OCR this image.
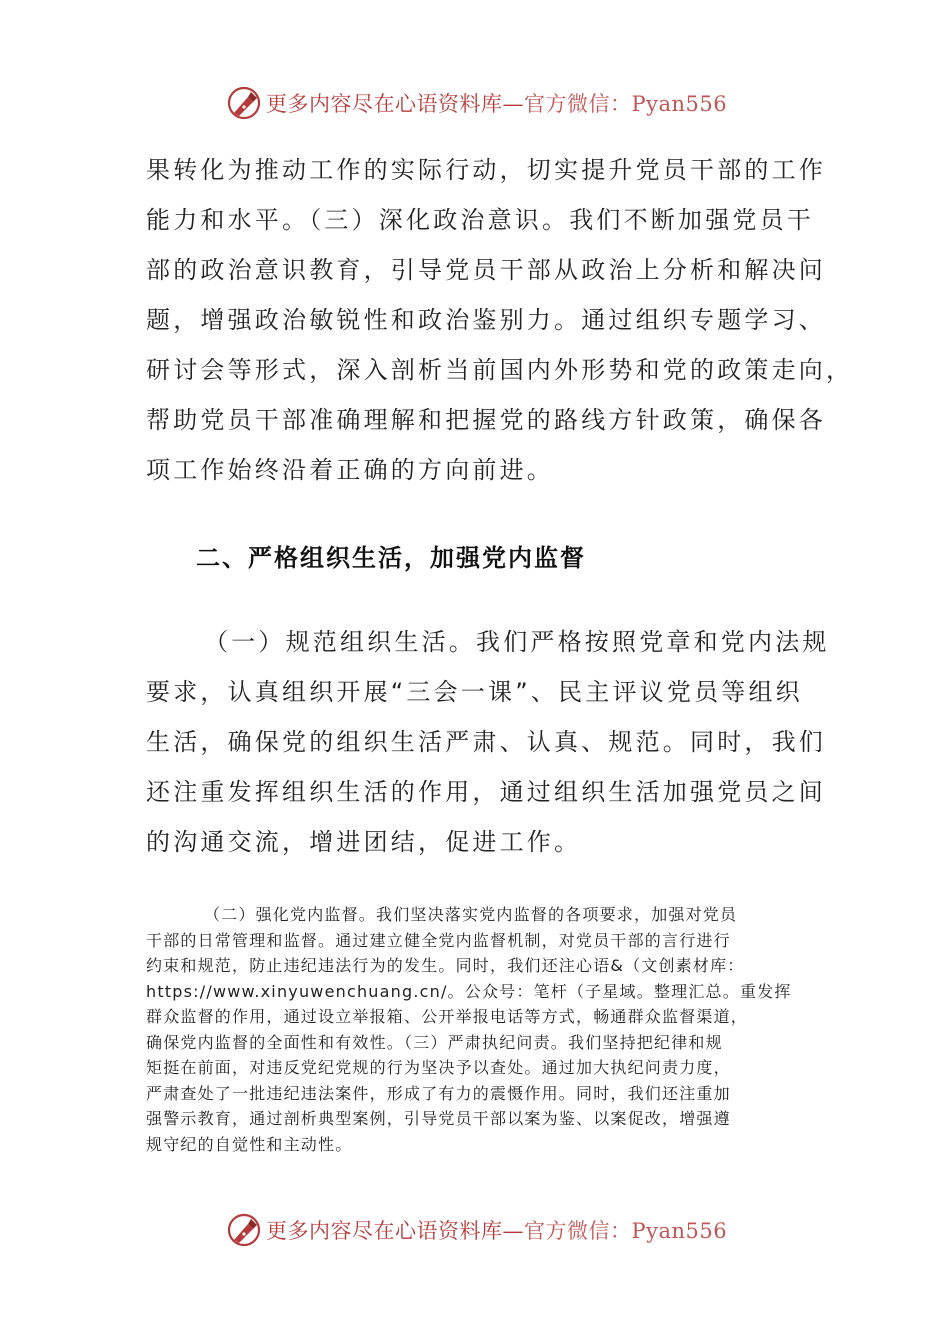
更多内容尽在心语资料库— 官方微信：Pyan556
果转化为推动工作的实际行动，切实提升党员干部的工作
能力和水平。（三）深化政治意识。我们不断加强党员干
部的政治意识教育，引导党员干部从政治上分析和解决问
题，增强政治敏锐性和政治鉴别力。通过组织专题学习、
研讨会等形式，深入剖析当前国内外形势和党的政策走向，
帮助党员干部准确理解和把握党的路线方针政策，确保各
项工作始终沿着正确的方向前进。
二、严格组织生活，加强党内监督
（一）规范组织生活。我们严格按照党章和党内法规
要求，认真组织开展“三会一课”、民主评议党员等组织
生活，确保党的组织生活严肃、认真、规范。同时，我们
还注重发挥组织生活的作用，通过组织生活加强党员之间
的沟通交流，增进团结，促进工作。
（二）强化党内监督。我们坚决落实党内监督的各项要求，加强对党员
干部的日常管理和监督。通过建立健全党内监督机制，对党员干部的言行进行
约束和规范，防止违纪违法行为的发生。同时，我们还注心语&（文创素材库：
https://www.xinyuwenchuang.cn/。公众号：笔杆（子星域。整理汇总。重发挥
群众监督的作用，通过设立举报箱、公开举报电话等方式，畅通群众监督渠道，
确保党内监督的全面性和有效性。（三）严肃执纪问责。我们坚持把纪律和规
矩挺在前面，对违反党纪党规的行为坚决予以查处。通过加大执纪问责力度，
严肃查处了一批违纪违法案件，形成了有力的震慑作用。同时，我们还注重加
强警示教育，通过剖析典型案例，引导党员干部以案为鉴、以案促改，增强遵
规守纪的自觉性和主动性。
更多内容尽在心语资料库— 官方微信：Pyan556
